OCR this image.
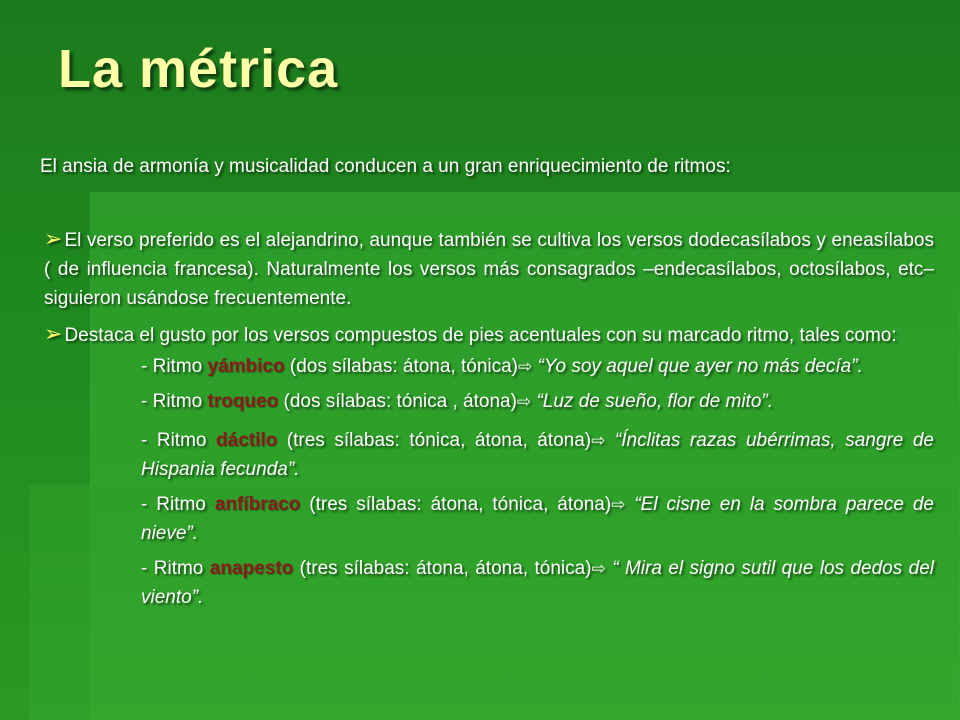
La métrica
El ansia de armonía y musicalidad conducen a un gran enriquecimiento de ritmos:

➢ El verso preferido es el alejandrino, aunque también se cultiva los versos dodecasílabos y eneasílabos ( de influencia francesa). Naturalmente los versos más consagrados –endecasílabos, octosílabos, etc– siguieron usándose frecuentemente.

➢ Destaca el gusto por los versos compuestos de pies acentuales con su marcado ritmo, tales como:

- Ritmo yámbico (dos sílabas: átona, tónica)⇨ “Yo soy aquel que ayer no más decía”.
- Ritmo troqueo (dos sílabas: tónica , átona)⇨ “Luz de sueño, flor de mito”.
- Ritmo dáctilo (tres sílabas: tónica, átona, átona)⇨ “Ínclitas razas ubérrimas, sangre de Hispania fecunda”.
- Ritmo anfíbraco (tres sílabas: átona, tónica, átona)⇨ “El cisne en la sombra parece de nieve”.
- Ritmo anapesto (tres sílabas: átona, átona, tónica)⇨ “ Mira el signo sutil que los dedos del viento”.
